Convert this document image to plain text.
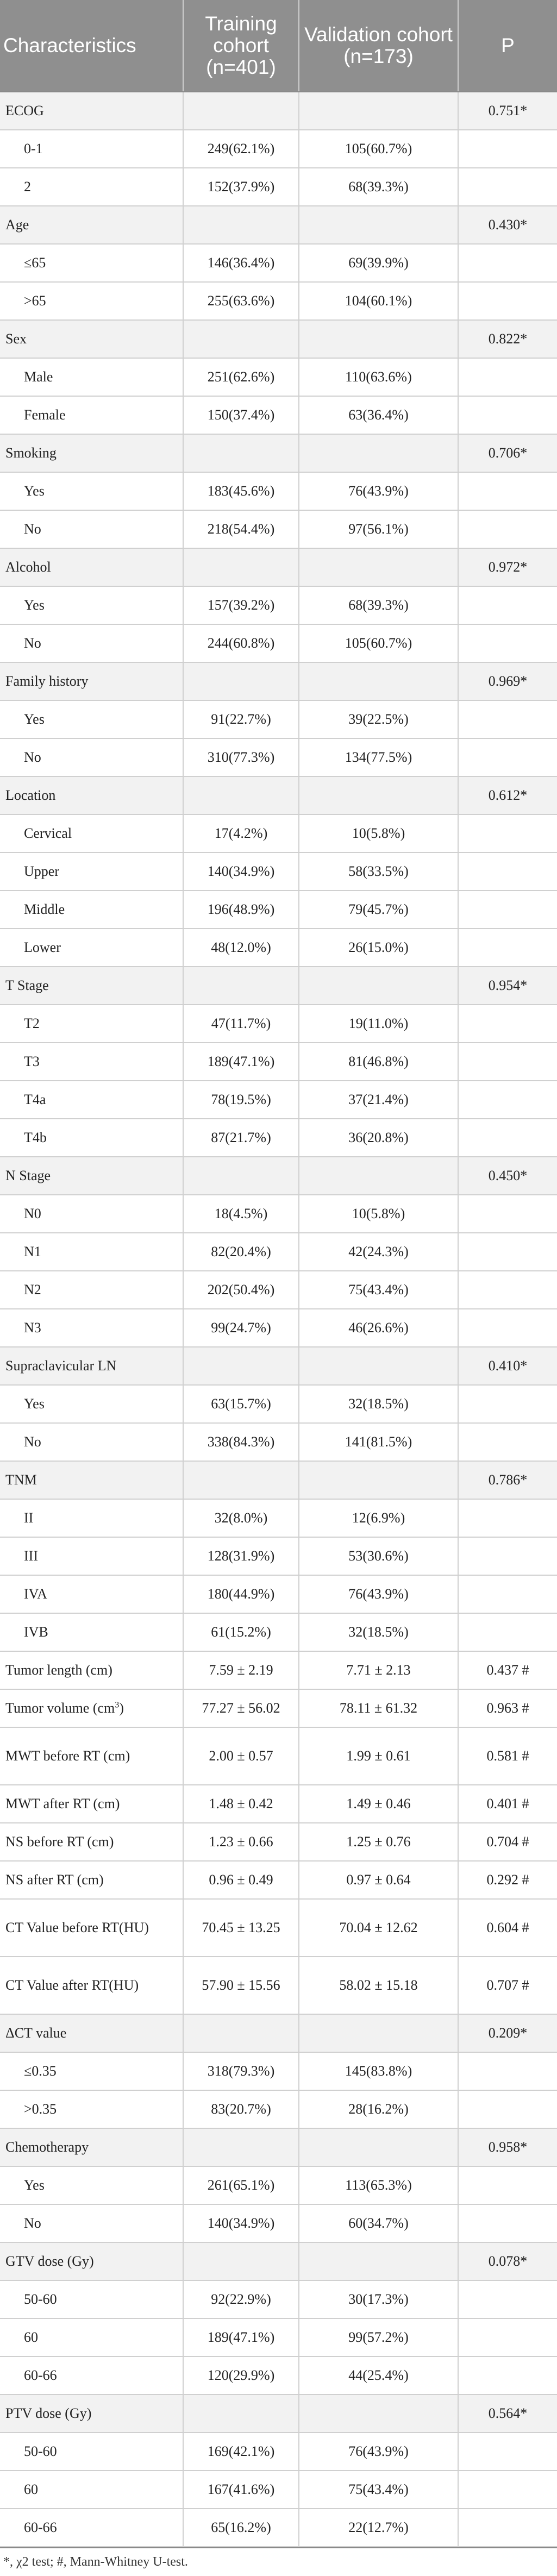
Characteristics	Training cohort (n=401)	Validation cohort (n=173)	P
ECOG			0.751*
0-1	249(62.1%)	105(60.7%)	
2	152(37.9%)	68(39.3%)	
Age			0.430*
≤65	146(36.4%)	69(39.9%)	
>65	255(63.6%)	104(60.1%)	
Sex			0.822*
Male	251(62.6%)	110(63.6%)	
Female	150(37.4%)	63(36.4%)	
Smoking			0.706*
Yes	183(45.6%)	76(43.9%)	
No	218(54.4%)	97(56.1%)	
Alcohol			0.972*
Yes	157(39.2%)	68(39.3%)	
No	244(60.8%)	105(60.7%)	
Family history			0.969*
Yes	91(22.7%)	39(22.5%)	
No	310(77.3%)	134(77.5%)	
Location			0.612*
Cervical	17(4.2%)	10(5.8%)	
Upper	140(34.9%)	58(33.5%)	
Middle	196(48.9%)	79(45.7%)	
Lower	48(12.0%)	26(15.0%)	
T Stage			0.954*
T2	47(11.7%)	19(11.0%)	
T3	189(47.1%)	81(46.8%)	
T4a	78(19.5%)	37(21.4%)	
T4b	87(21.7%)	36(20.8%)	
N Stage			0.450*
N0	18(4.5%)	10(5.8%)	
N1	82(20.4%)	42(24.3%)	
N2	202(50.4%)	75(43.4%)	
N3	99(24.7%)	46(26.6%)	
Supraclavicular LN			0.410*
Yes	63(15.7%)	32(18.5%)	
No	338(84.3%)	141(81.5%)	
TNM			0.786*
II	32(8.0%)	12(6.9%)	
III	128(31.9%)	53(30.6%)	
IVA	180(44.9%)	76(43.9%)	
IVB	61(15.2%)	32(18.5%)	
Tumor length (cm)	7.59 ± 2.19	7.71 ± 2.13	0.437 #
Tumor volume $(cm^3)$	77.27 ± 56.02	78.11 ± 61.32	0.963 #
MWT before RT (cm)	2.00 ± 0.57	1.99 ± 0.61	0.581 #
MWT after RT (cm)	1.48 ± 0.42	1.49 ± 0.46	0.401 #
NS before RT (cm)	1.23 ± 0.66	1.25 ± 0.76	0.704 #
NS after RT (cm)	0.96 ± 0.49	0.97 ± 0.64	0.292 #
CT Value before RT(HU)	70.45 ± 13.25	70.04 ± 12.62	0.604 #
CT Value after RT(HU)	57.90 ± 15.56	58.02 ± 15.18	0.707 #
ΔCT value			0.209*
≤0.35	318(79.3%)	145(83.8%)	
>0.35	83(20.7%)	28(16.2%)	
Chemotherapy			0.958*
Yes	261(65.1%)	113(65.3%)	
No	140(34.9%)	60(34.7%)	
GTV dose (Gy)			0.078*
50-60	92(22.9%)	30(17.3%)	
60	189(47.1%)	99(57.2%)	
60-66	120(29.9%)	44(25.4%)	
PTV dose (Gy)			0.564*
50-60	169(42.1%)	76(43.9%)	
60	167(41.6%)	75(43.4%)	
60-66	65(16.2%)	22(12.7%)	
*, χ2 test; #, Mann-Whitney U-test.
